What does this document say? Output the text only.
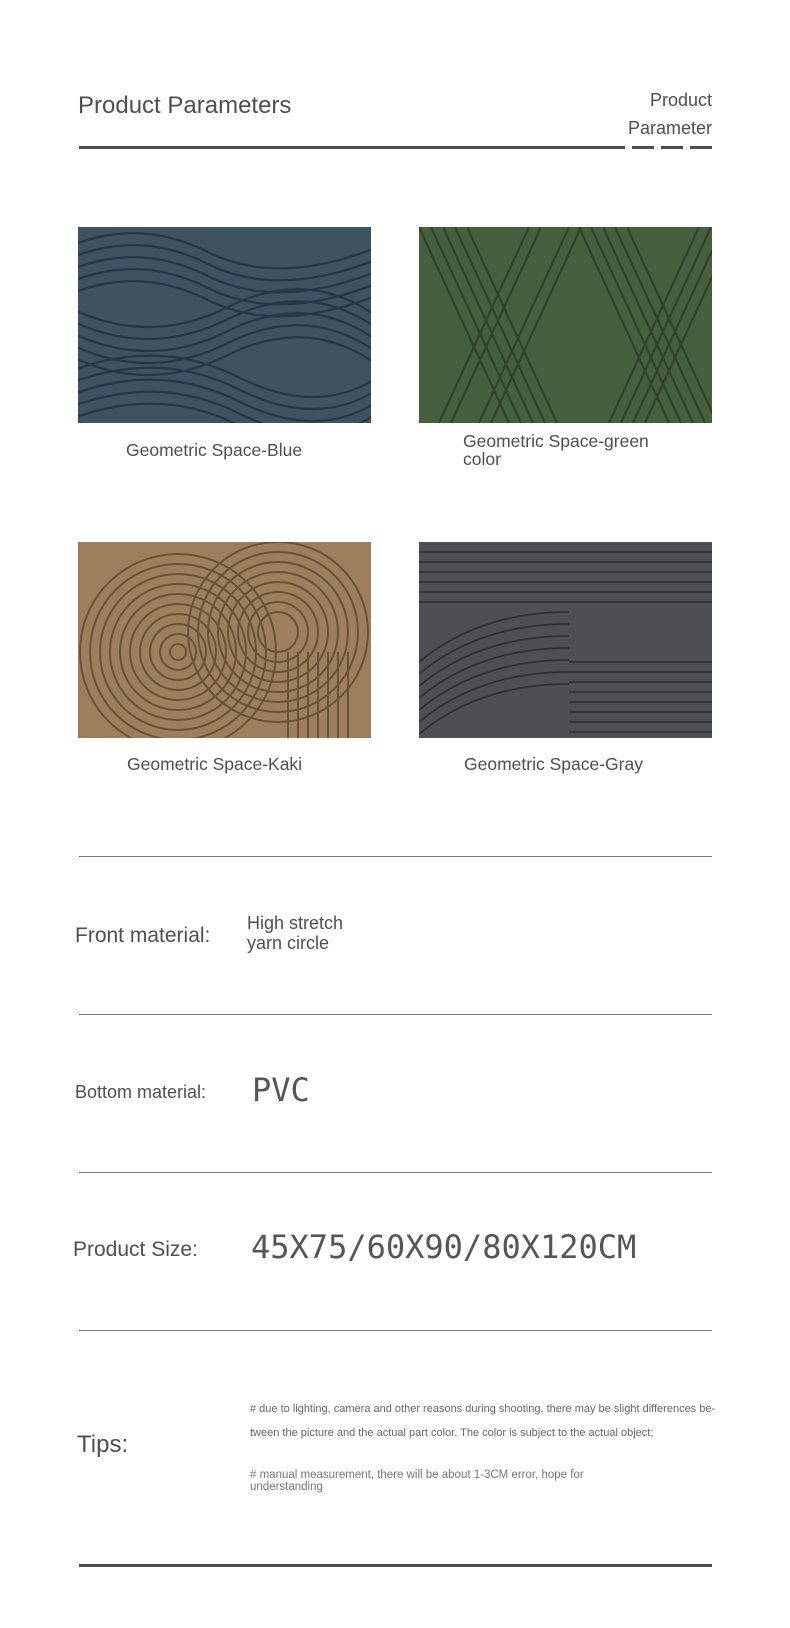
Product Parameters	Product
Parameter
Geometric Space-Blue	Geometric Space-green
color
Geometric Space-Kaki	Geometric Space-Gray
Front material:
High stretch
yarn circle
Bottom material: PVC
Product Size: 45X75/60X90/80X120CM
Tips:
# due to lighting, camera and other reasons during shooting, there may be slight differences be-
tween the picture and the actual part color. The color is subject to the actual object;
# manual measurement, there will be about 1-3CM error, hope for
understanding
